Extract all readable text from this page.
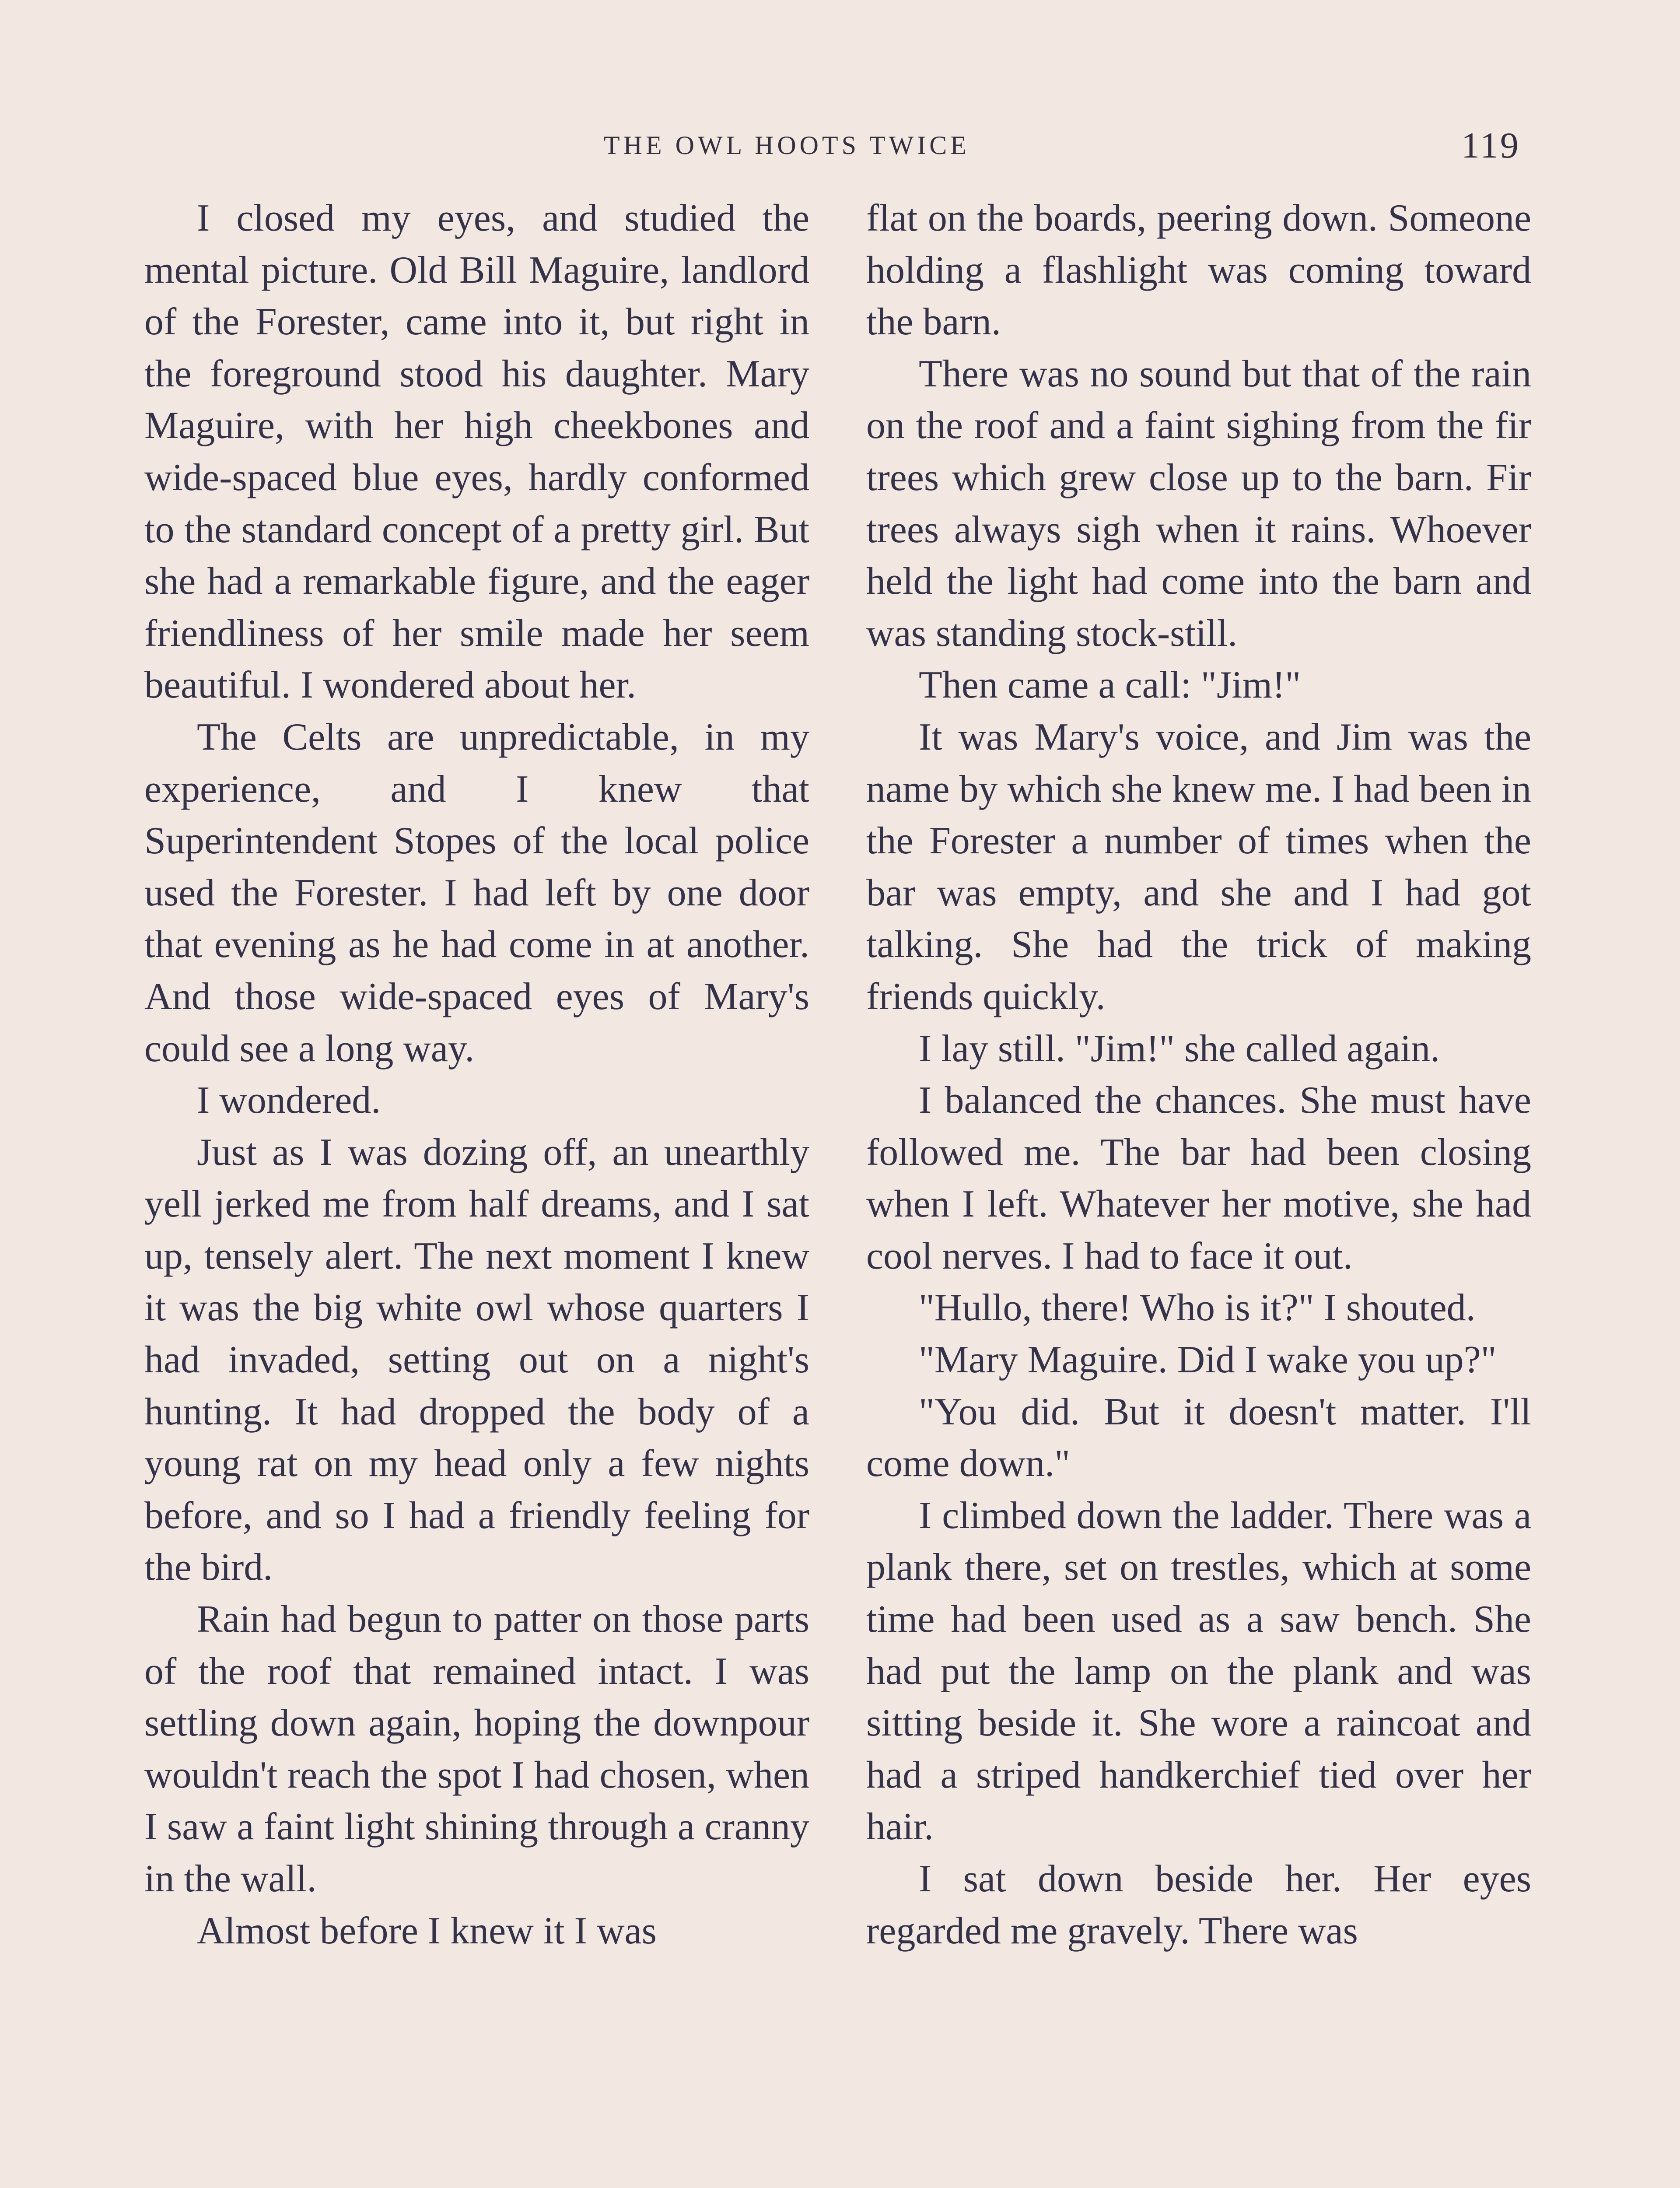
THE OWL HOOTS TWICE	119

I closed my eyes, and studied the mental picture. Old Bill Maguire, landlord of the Forester, came into it, but right in the foreground stood his daughter. Mary Maguire, with her high cheekbones and wide-spaced blue eyes, hardly conformed to the standard concept of a pretty girl. But she had a remarkable figure, and the eager friendliness of her smile made her seem beautiful. I wondered about her.

The Celts are unpredictable, in my experience, and I knew that Superintendent Stopes of the local police used the Forester. I had left by one door that evening as he had come in at another. And those wide-spaced eyes of Mary's could see a long way.

I wondered.

Just as I was dozing off, an unearthly yell jerked me from half dreams, and I sat up, tensely alert. The next moment I knew it was the big white owl whose quarters I had invaded, setting out on a night's hunting. It had dropped the body of a young rat on my head only a few nights before, and so I had a friendly feeling for the bird.

Rain had begun to patter on those parts of the roof that remained intact. I was settling down again, hoping the downpour wouldn't reach the spot I had chosen, when I saw a faint light shining through a cranny in the wall.

Almost before I knew it I was

flat on the boards, peering down. Someone holding a flashlight was coming toward the barn.

There was no sound but that of the rain on the roof and a faint sighing from the fir trees which grew close up to the barn. Fir trees always sigh when it rains. Whoever held the light had come into the barn and was standing stock-still.

Then came a call: "Jim!"

It was Mary's voice, and Jim was the name by which she knew me. I had been in the Forester a number of times when the bar was empty, and she and I had got talking. She had the trick of making friends quickly.

I lay still. "Jim!" she called again.

I balanced the chances. She must have followed me. The bar had been closing when I left. Whatever her motive, she had cool nerves. I had to face it out.

"Hullo, there! Who is it?" I shouted.

"Mary Maguire. Did I wake you up?"

"You did. But it doesn't matter. I'll come down."

I climbed down the ladder. There was a plank there, set on trestles, which at some time had been used as a saw bench. She had put the lamp on the plank and was sitting beside it. She wore a raincoat and had a striped handkerchief tied over her hair.

I sat down beside her. Her eyes regarded me gravely. There was
